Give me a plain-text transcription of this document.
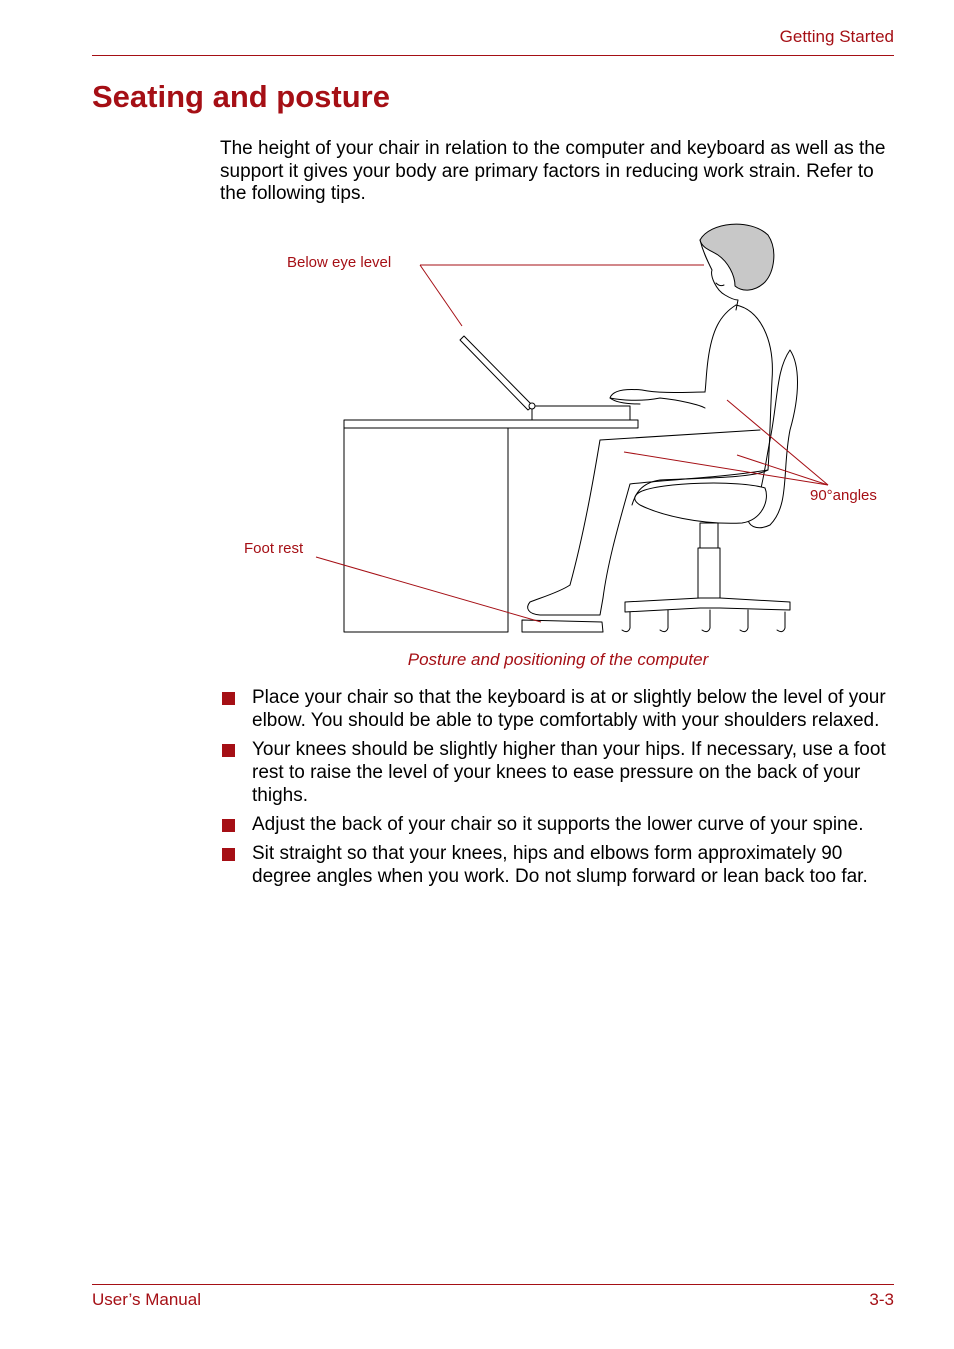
Getting Started
Seating and posture

The height of your chair in relation to the computer and keyboard as well as the support it gives your body are primary factors in reducing work strain. Refer to the following tips.

Below eye level
90°angles
Foot rest

Posture and positioning of the computer

Place your chair so that the keyboard is at or slightly below the level of your elbow. You should be able to type comfortably with your shoulders relaxed.
Your knees should be slightly higher than your hips. If necessary, use a foot rest to raise the level of your knees to ease pressure on the back of your thighs.
Adjust the back of your chair so it supports the lower curve of your spine.
Sit straight so that your knees, hips and elbows form approximately 90 degree angles when you work. Do not slump forward or lean back too far.
User’s Manual	3-3
